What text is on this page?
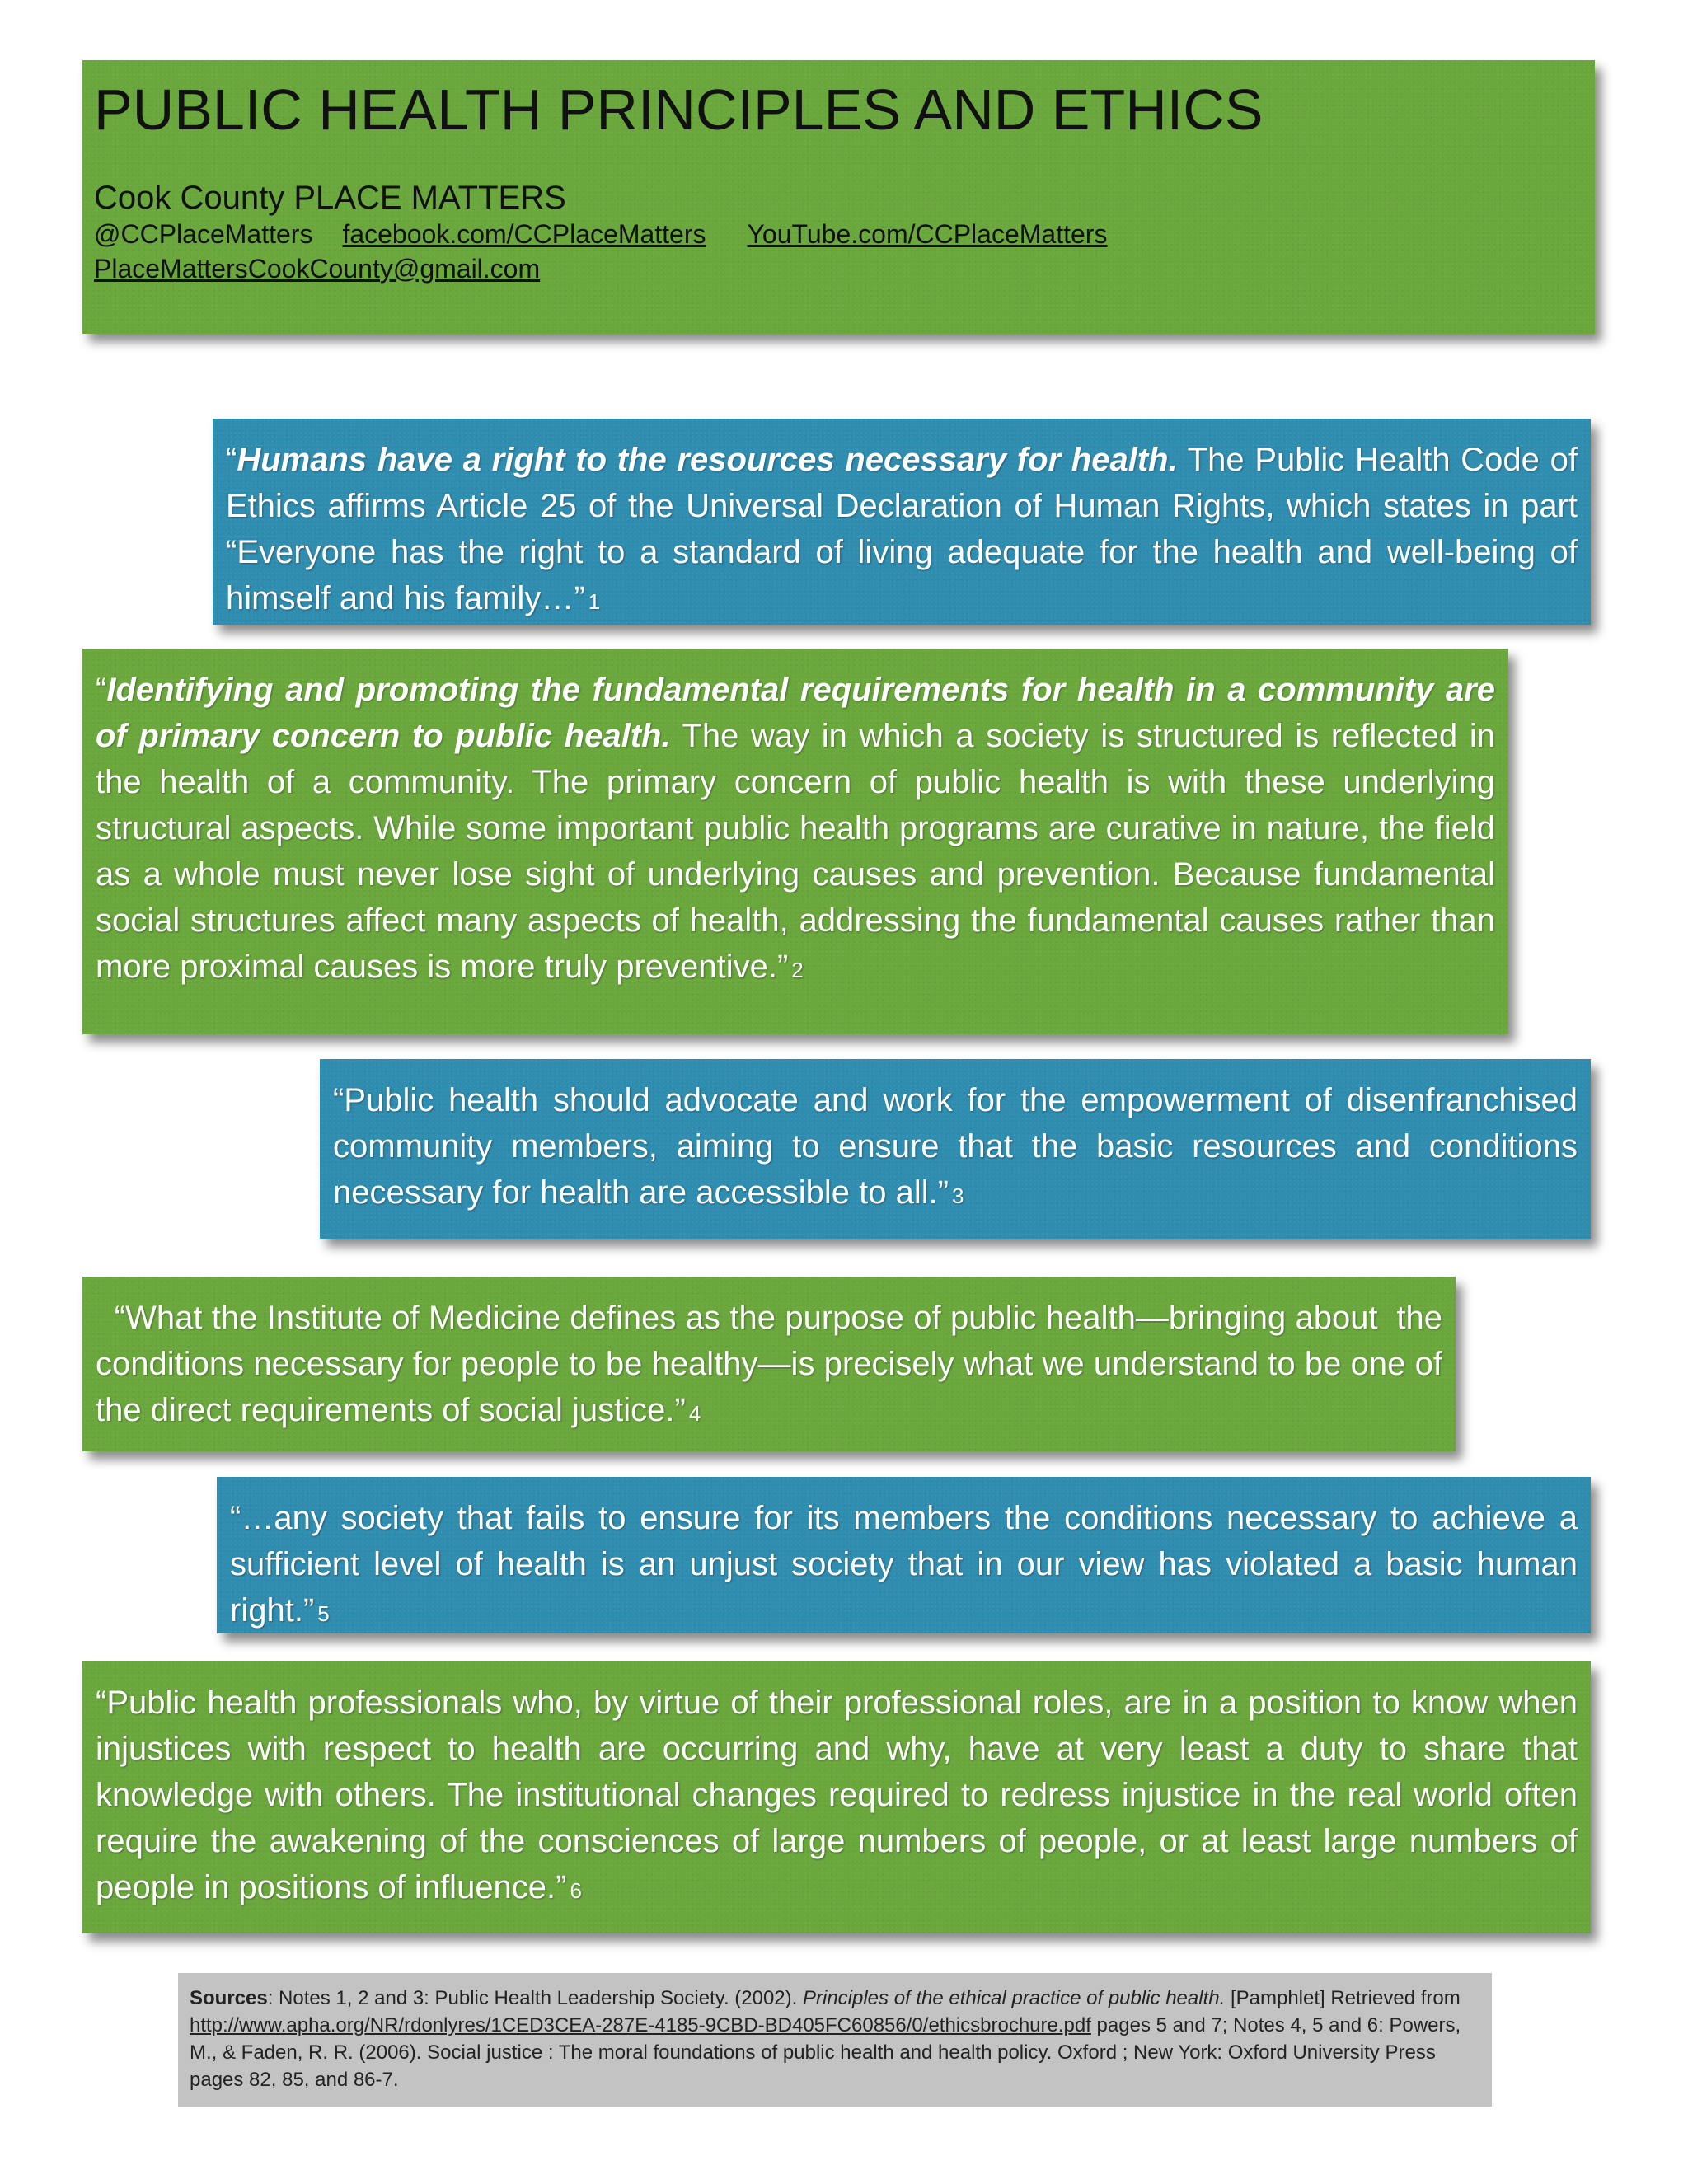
PUBLIC HEALTH PRINCIPLES AND ETHICS

Cook County PLACE MATTERS

@CCPlaceMatters facebook.com/CCPlaceMatters YouTube.com/CCPlaceMatters

PlaceMattersCookCounty@gmail.com

“Humans have a right to the resources necessary for health. The Public Health Code of Ethics affirms Article 25 of the Universal Declaration of Human Rights, which states in part “Everyone has the right to a standard of living adequate for the health and well-being of himself and his family…” 1
“Identifying and promoting the fundamental requirements for health in a community are of primary concern to public health. The way in which a society is structured is reflected in the health of a community. The primary concern of public health is with these underlying structural aspects. While some important public health programs are curative in nature, the field as a whole must never lose sight of underlying causes and prevention. Because fundamental social structures affect many aspects of health, addressing the fundamental causes rather than more proximal causes is more truly preventive.” 2
“Public health should advocate and work for the empowerment of disenfranchised community members, aiming to ensure that the basic resources and conditions necessary for health are accessible to all.” 3
“What the Institute of Medicine defines as the purpose of public health—bringing about  the conditions necessary for people to be healthy—is precisely what we understand to be one of the direct requirements of social justice.” 4
“…any society that fails to ensure for its members the conditions necessary to achieve a sufficient level of health is an unjust society that in our view has violated a basic human right.” 5
“Public health professionals who, by virtue of their professional roles, are in a position to know when injustices with respect to health are occurring and why, have at very least a duty to share that knowledge with others. The institutional changes required to redress injustice in the real world often require the awakening of the consciences of large numbers of people, or at least large numbers of people in positions of influence.” 6
Sources: Notes 1, 2 and 3: Public Health Leadership Society. (2002). Principles of the ethical practice of public health. [Pamphlet] Retrieved from http://www.apha.org/NR/rdonlyres/1CED3CEA-287E-4185-9CBD-BD405FC60856/0/ethicsbrochure.pdf pages 5 and 7; Notes 4, 5 and 6: Powers, M., & Faden, R. R. (2006). Social justice : The moral foundations of public health and health policy. Oxford ; New York: Oxford University Press pages 82, 85, and 86-7.
